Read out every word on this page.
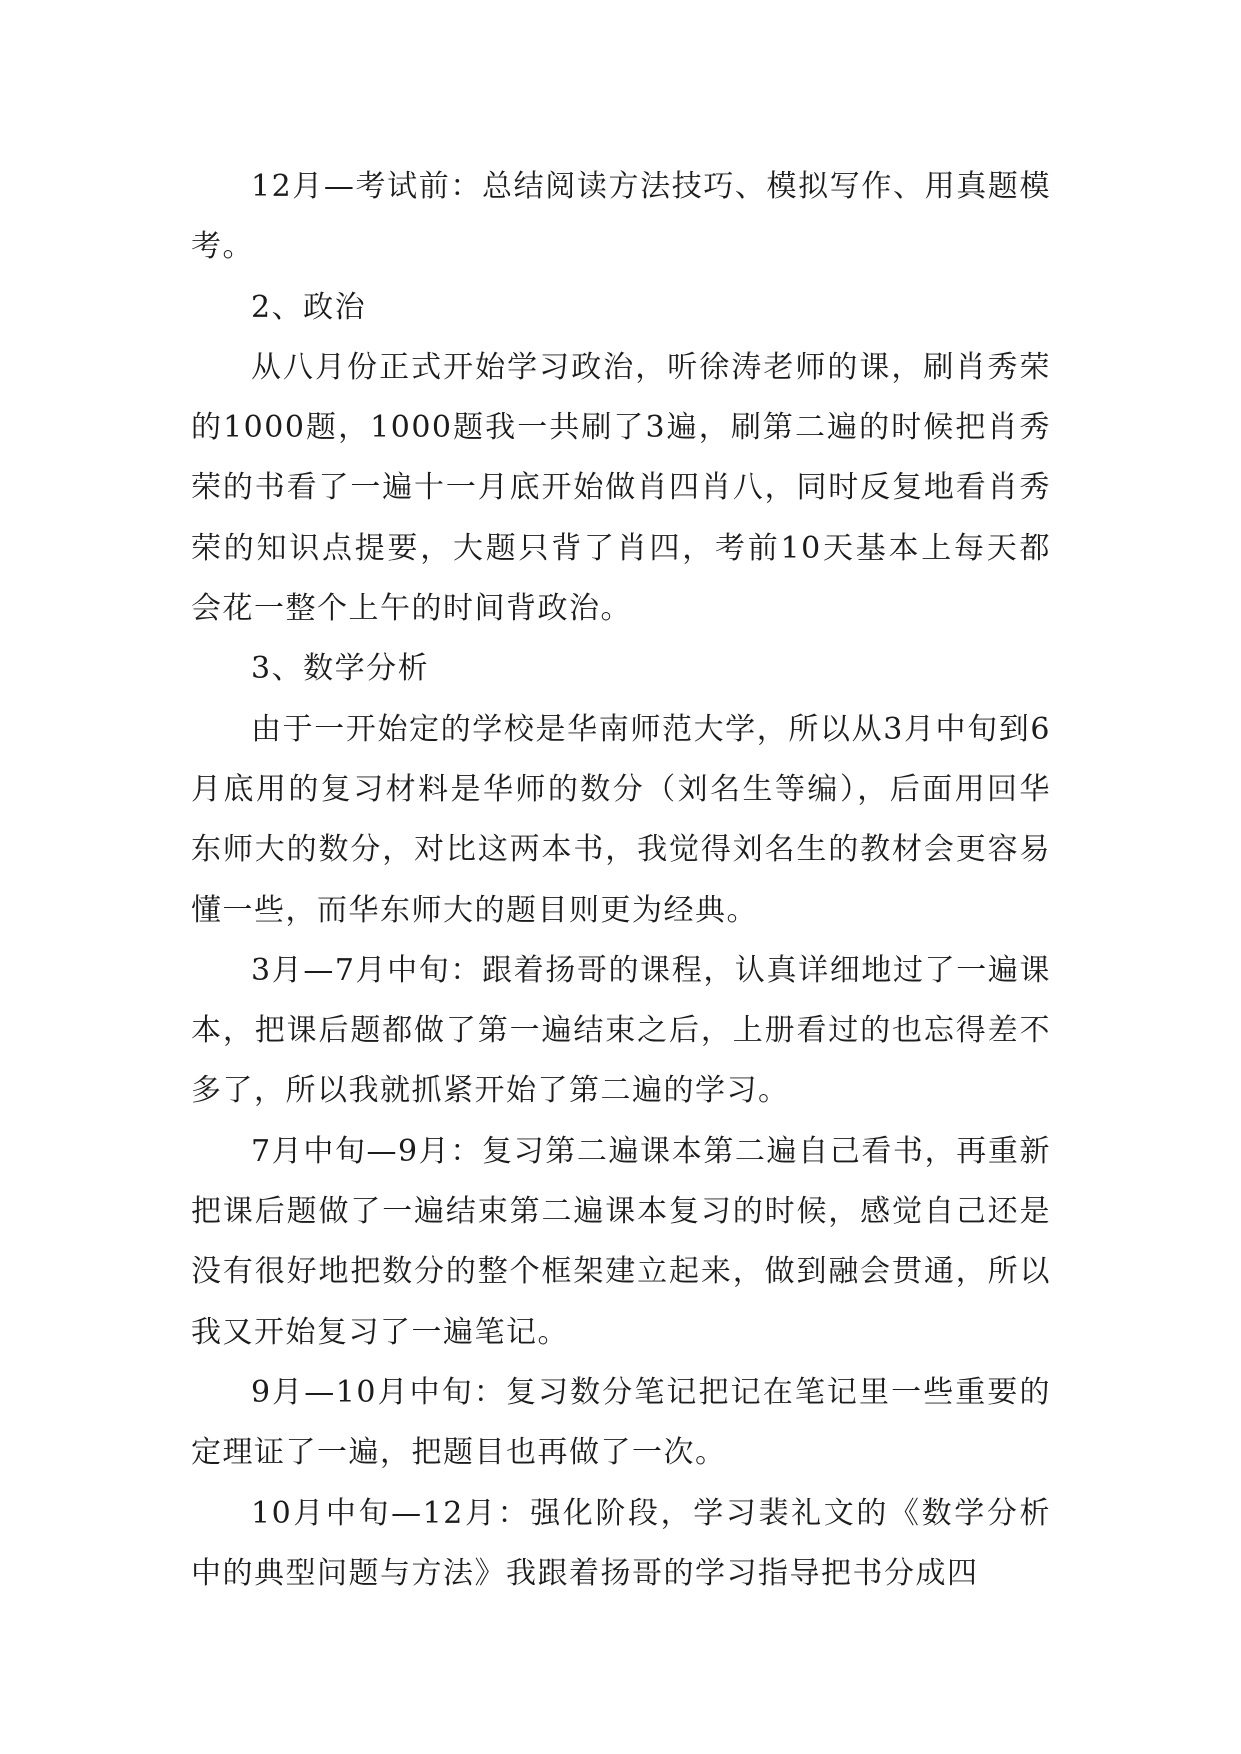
12月—考试前：总结阅读方法技巧、模拟写作、用真题模考。

2、政治

从八月份正式开始学习政治，听徐涛老师的课，刷肖秀荣的1000题，1000题我一共刷了3遍，刷第二遍的时候把肖秀荣的书看了一遍十一月底开始做肖四肖八，同时反复地看肖秀荣的知识点提要，大题只背了肖四，考前10天基本上每天都会花一整个上午的时间背政治。

3、数学分析

由于一开始定的学校是华南师范大学，所以从3月中旬到6月底用的复习材料是华师的数分（刘名生等编），后面用回华东师大的数分，对比这两本书，我觉得刘名生的教材会更容易懂一些，而华东师大的题目则更为经典。

3月—7月中旬：跟着扬哥的课程，认真详细地过了一遍课本，把课后题都做了第一遍结束之后，上册看过的也忘得差不多了，所以我就抓紧开始了第二遍的学习。

7月中旬—9月：复习第二遍课本第二遍自己看书，再重新把课后题做了一遍结束第二遍课本复习的时候，感觉自己还是没有很好地把数分的整个框架建立起来，做到融会贯通，所以我又开始复习了一遍笔记。

9月—10月中旬：复习数分笔记把记在笔记里一些重要的定理证了一遍，把题目也再做了一次。

10月中旬—12月：强化阶段，学习裴礼文的《数学分析中的典型问题与方法》我跟着扬哥的学习指导把书分成四
